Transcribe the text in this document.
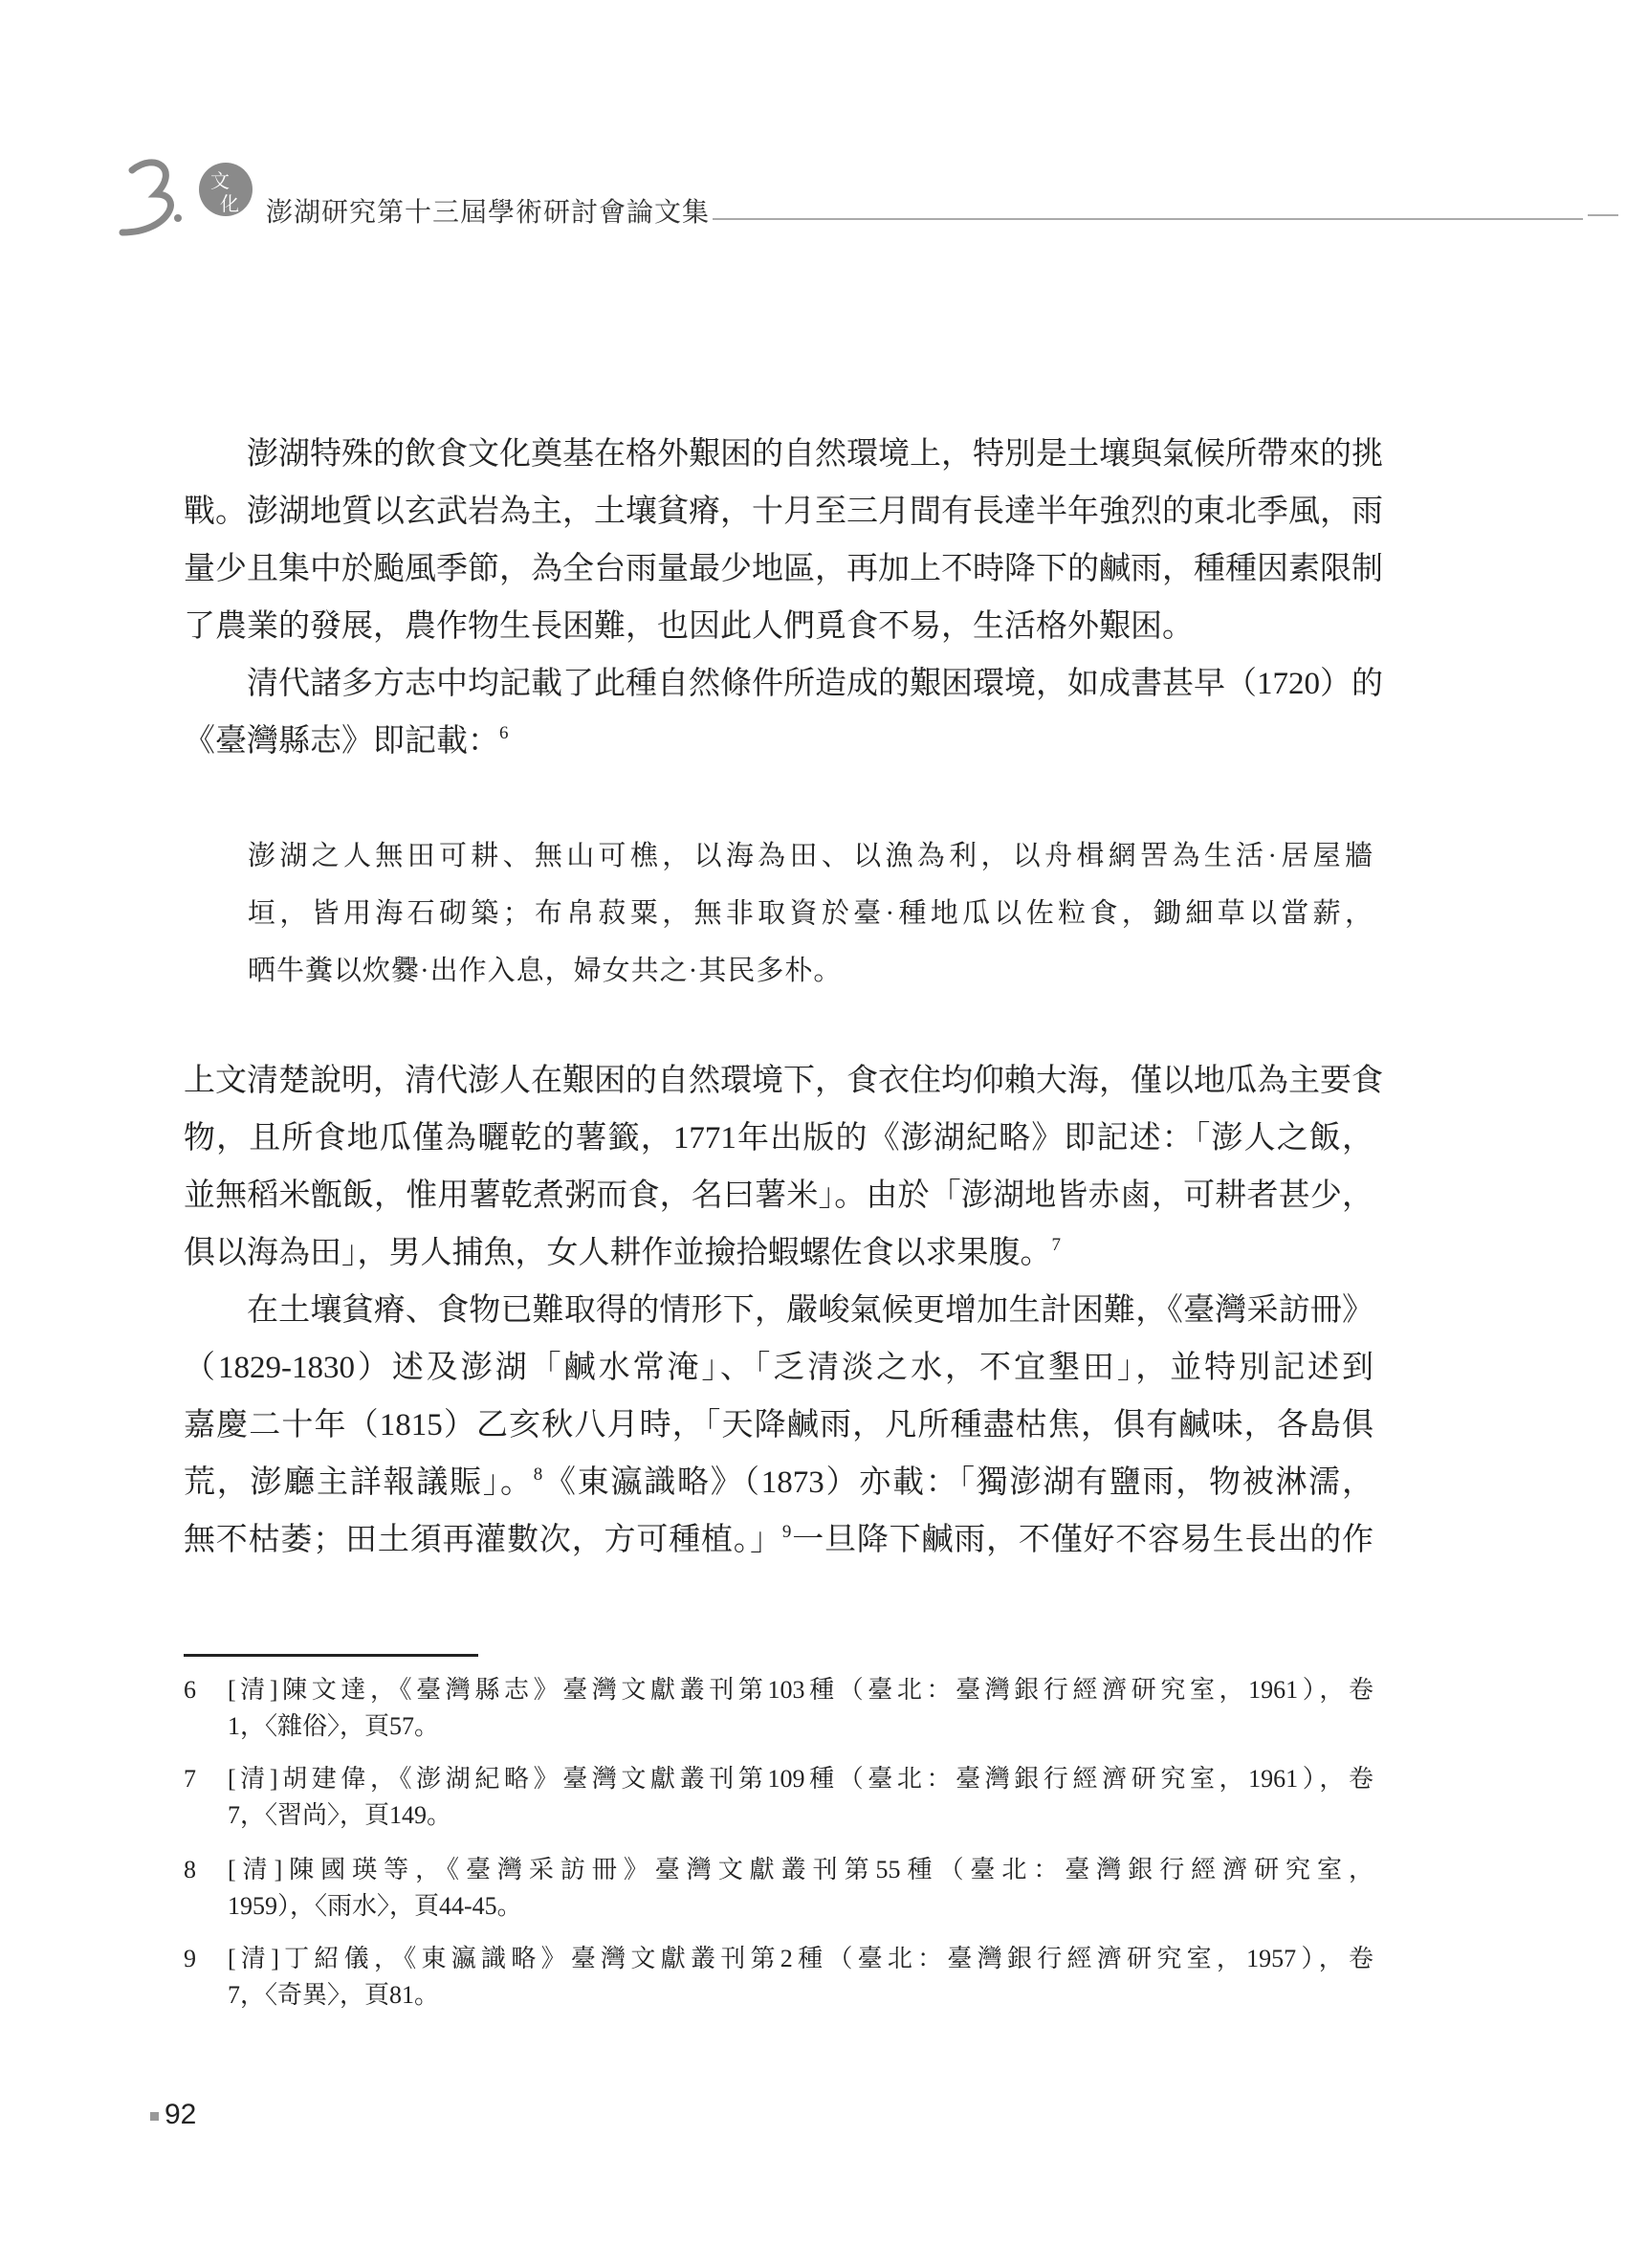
文
化 澎湖研究第十三屆學術研討會論文集
澎湖特殊的飲食文化奠基在格外艱困的自然環境上，特別是土壤與氣候所帶來的挑
戰。澎湖地質以玄武岩為主，土壤貧瘠，十月至三月間有長達半年強烈的東北季風，雨
量少且集中於颱風季節，為全台雨量最少地區，再加上不時降下的鹹雨，種種因素限制
了農業的發展，農作物生長困難，也因此人們覓食不易，生活格外艱困。
清代諸多方志中均記載了此種自然條件所造成的艱困環境，如成書甚早（1720）的
《臺灣縣志》即記載：$^6$
澎湖之人無田可耕、無山可樵，以海為田、以漁為利，以舟楫網罟為生活·居屋牆
垣，皆用海石砌築；布帛菽粟，無非取資於臺·種地瓜以佐粒食，鋤細草以當薪，
晒牛糞以炊爨·出作入息，婦女共之·其民多朴。
上文清楚說明，清代澎人在艱困的自然環境下，食衣住均仰賴大海，僅以地瓜為主要食
物，且所食地瓜僅為曬乾的薯籤，1771年出版的《澎湖紀略》即記述：「澎人之飯，
並無稻米甑飯，惟用薯乾煮粥而食，名曰薯米」。由於「澎湖地皆赤鹵，可耕者甚少，
俱以海為田」，男人捕魚，女人耕作並撿拾蝦螺佐食以求果腹。$^7$
在土壤貧瘠、食物已難取得的情形下，嚴峻氣候更增加生計困難，《臺灣采訪冊》
（1829-1830）述及澎湖「鹹水常淹」、「乏清淡之水，不宜墾田」，並特別記述到
嘉慶二十年（1815）乙亥秋八月時，「天降鹹雨，凡所種盡枯焦，俱有鹹味，各島俱
荒，澎廳主詳報議賑」。$^8$《東瀛識略》（1873）亦載：「獨澎湖有鹽雨，物被淋濡，
無不枯萎；田土須再灌數次，方可種植。」$^9$一旦降下鹹雨，不僅好不容易生長出的作
6 [清]陳文達，《臺灣縣志》臺灣文獻叢刊第103種（臺北：臺灣銀行經濟研究室，1961），卷
1，〈雜俗〉，頁57。
7 [清]胡建偉，《澎湖紀略》臺灣文獻叢刊第109種（臺北：臺灣銀行經濟研究室，1961），卷
7，〈習尚〉，頁149。
8 [清]陳國瑛等，《臺灣采訪冊》臺灣文獻叢刊第55種（臺北：臺灣銀行經濟研究室，
1959），〈雨水〉，頁44-45。
9 [清]丁紹儀，《東瀛識略》臺灣文獻叢刊第2種（臺北：臺灣銀行經濟研究室，1957），卷
7，〈奇異〉，頁81。
92
